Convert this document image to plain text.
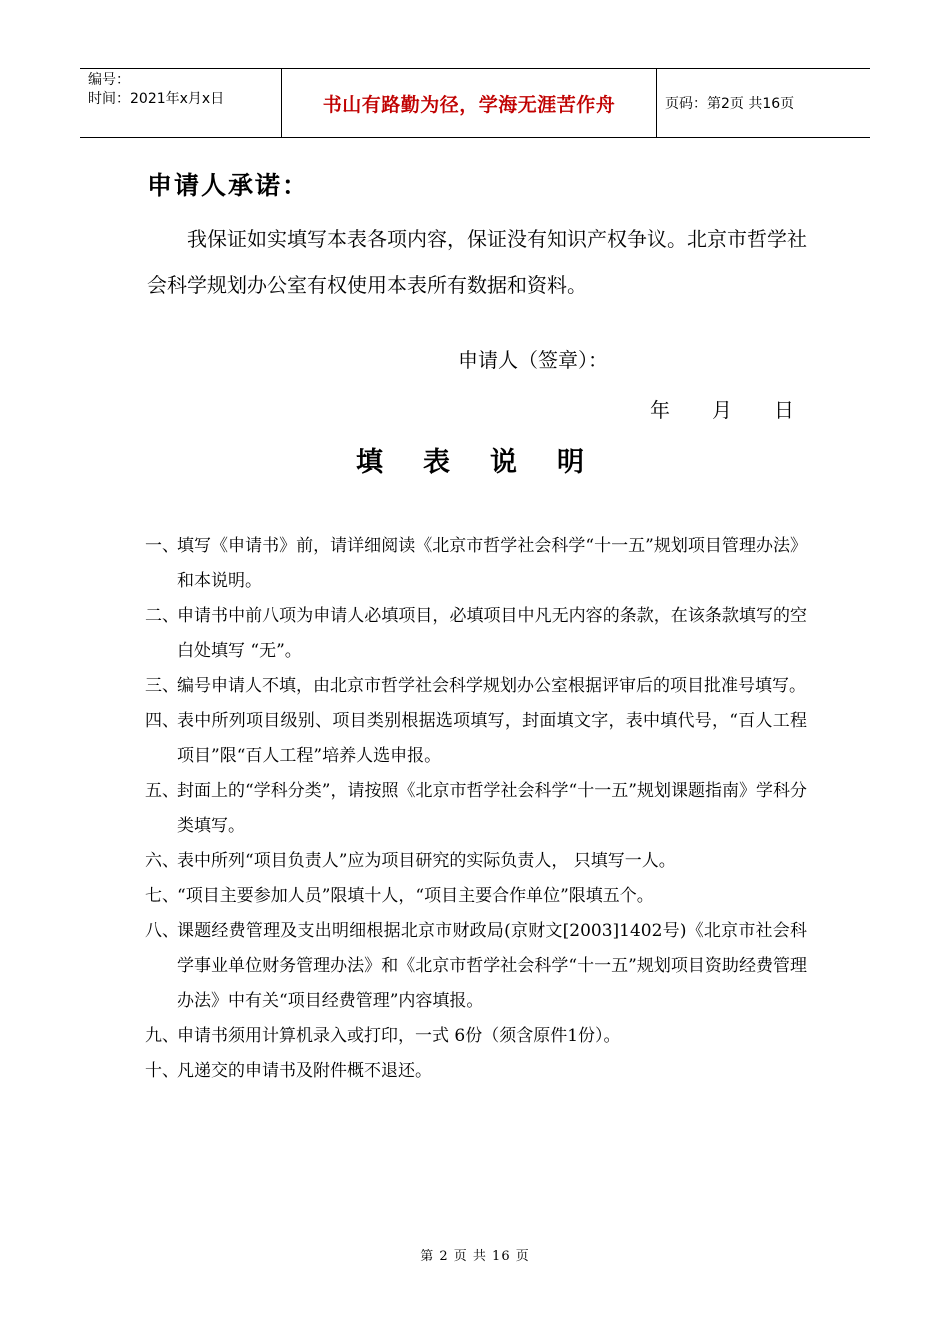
编号：
时间：2021年x月x日	书山有路勤为径，学海无涯苦作舟	页码：第2页 共16页
申请人承诺：
我保证如实填写本表各项内容，保证没有知识产权争议。北京市哲学社会科学规划办公室有权使用本表所有数据和资料。
申请人（签章）：
年 月 日
填表说明
一、
填写《申请书》前，请详细阅读《北京市哲学社会科学“十一五”规划项目管理办法》和本说明。
二、
申请书中前八项为申请人必填项目，必填项目中凡无内容的条款，在该条款填写的空白处填写 “无”。
三、
编号申请人不填，由北京市哲学社会科学规划办公室根据评审后的项目批准号填写。
四、
表中所列项目级别、项目类别根据选项填写，封面填文字，表中填代号，“百人工程项目”限“百人工程”培养人选申报。
五、
封面上的“学科分类”，请按照《北京市哲学社会科学“十一五”规划课题指南》学科分类填写。
六、
表中所列“项目负责人”应为项目研究的实际负责人， 只填写一人。
七、
“项目主要参加人员”限填十人，“项目主要合作单位”限填五个。
八、
课题经费管理及支出明细根据北京市财政局(京财文[2003]1402号)《北京市社会科学事业单位财务管理办法》和《北京市哲学社会科学“十一五”规划项目资助经费管理办法》中有关“项目经费管理”内容填报。
九、
申请书须用计算机录入或打印，一式 6份（须含原件1份）。
十、
凡递交的申请书及附件概不退还。
第 2 页 共 16 页
